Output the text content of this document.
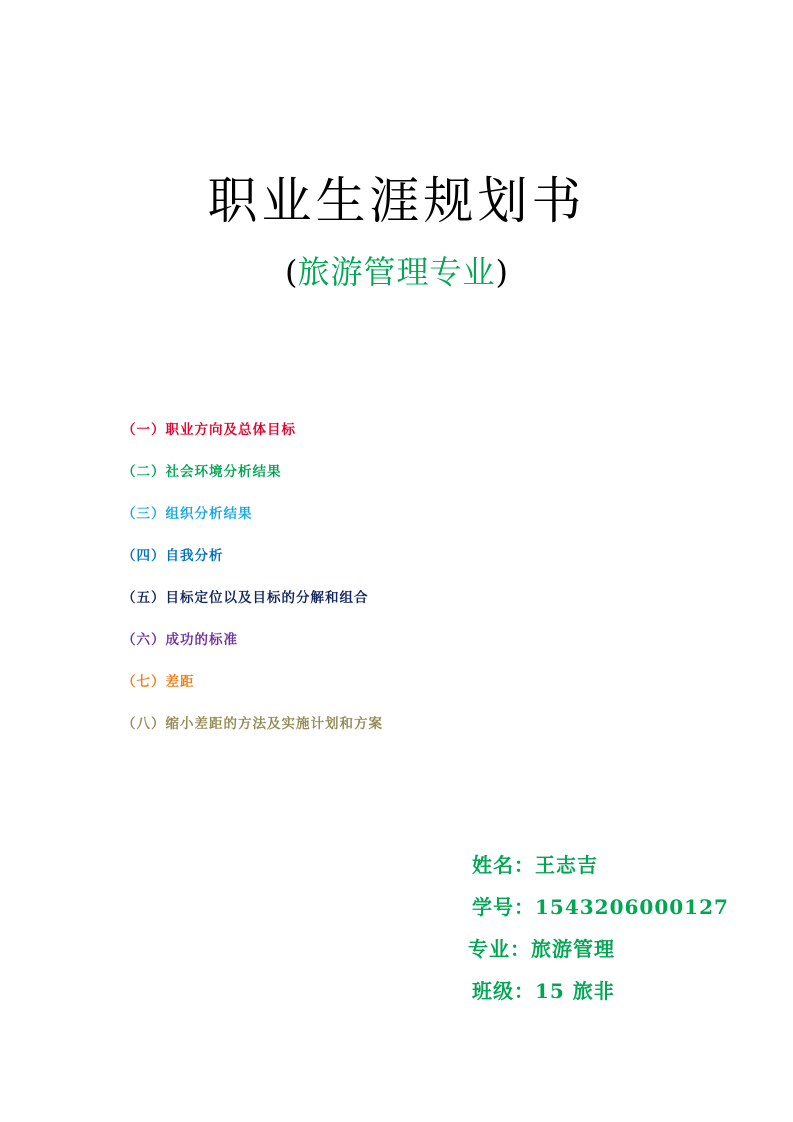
职业生涯规划书
(旅游管理专业)
（一）职业方向及总体目标
（二）社会环境分析结果
（三）组织分析结果
（四）自我分析
（五）目标定位以及目标的分解和组合
（六）成功的标准
（七）差距
（八）缩小差距的方法及实施计划和方案
姓名：王志吉
学号：1543206000127
专业：旅游管理
班级：15 旅非
